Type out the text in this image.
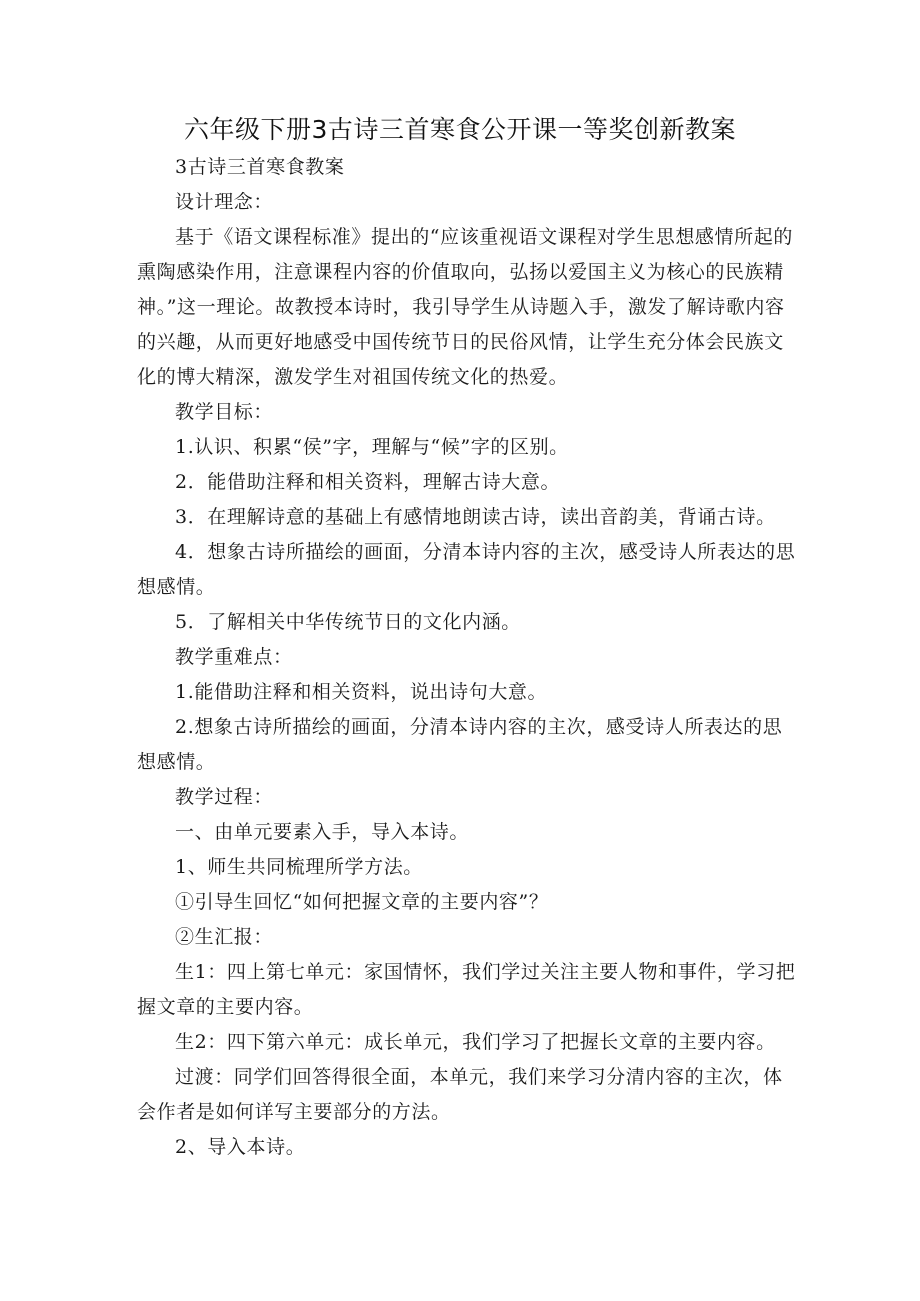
六年级下册3古诗三首寒食公开课一等奖创新教案

3古诗三首寒食教案

设计理念：

基于《语文课程标准》提出的“应该重视语文课程对学生思想感情所起的熏陶感染作用，注意课程内容的价值取向，弘扬以爱国主义为核心的民族精神。”这一理论。故教授本诗时，我引导学生从诗题入手，激发了解诗歌内容的兴趣，从而更好地感受中国传统节日的民俗风情，让学生充分体会民族文化的博大精深，激发学生对祖国传统文化的热爱。

教学目标：

1.认识、积累“侯”字，理解与“候”字的区别。

2．能借助注释和相关资料，理解古诗大意。

3．在理解诗意的基础上有感情地朗读古诗，读出音韵美，背诵古诗。

4．想象古诗所描绘的画面，分清本诗内容的主次，感受诗人所表达的思想感情。

5．了解相关中华传统节日的文化内涵。

教学重难点：

1.能借助注释和相关资料，说出诗句大意。

2.想象古诗所描绘的画面，分清本诗内容的主次，感受诗人所表达的思想感情。

教学过程：

一、由单元要素入手，导入本诗。

1、师生共同梳理所学方法。

①引导生回忆“如何把握文章的主要内容”？

②生汇报：

生1：四上第七单元：家国情怀，我们学过关注主要人物和事件，学习把握文章的主要内容。

生2：四下第六单元：成长单元，我们学习了把握长文章的主要内容。

过渡：同学们回答得很全面，本单元，我们来学习分清内容的主次，体会作者是如何详写主要部分的方法。

2、导入本诗。
